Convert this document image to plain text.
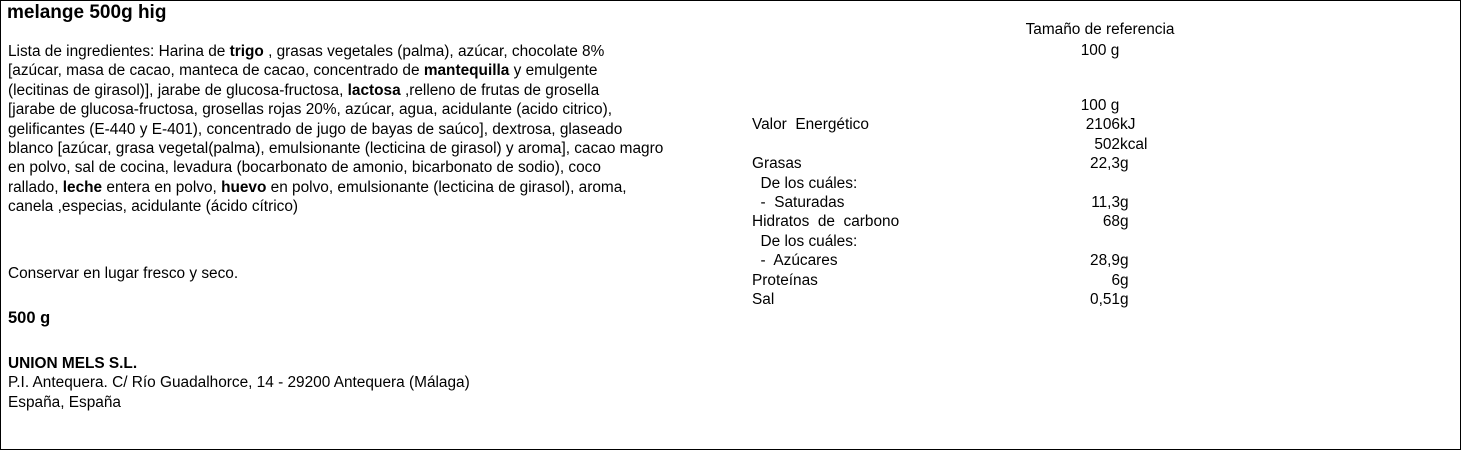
melange 500g hig

Lista de ingredientes: Harina de trigo , grasas vegetales (palma), azúcar, chocolate 8%

[azúcar, masa de cacao, manteca de cacao, concentrado de mantequilla y emulgente

(lecitinas de girasol)], jarabe de glucosa-fructosa, lactosa ,relleno de frutas de grosella

[jarabe de glucosa-fructosa, grosellas rojas 20%, azúcar, agua, acidulante (acido citrico),

gelificantes (E-440 y E-401), concentrado de jugo de bayas de saúco], dextrosa, glaseado

blanco [azúcar, grasa vegetal(palma), emulsionante (lecticina de girasol) y aroma], cacao magro

en polvo, sal de cocina, levadura (bocarbonato de amonio, bicarbonato de sodio), coco

rallado, leche entera en polvo, huevo en polvo, emulsionante (lecticina de girasol), aroma,

canela ,especias, acidulante (ácido cítrico)

Conservar en lugar fresco y seco.
500 g
UNION MELS S.L.
P.I. Antequera. C/ Río Guadalhorce, 14 - 29200 Antequera (Málaga)
España, España
Tamaño de referencia
100 g
100 g
Valor  Energético	2106 kJ
502 kcal
Grasas	22,3 g
De los cuáles:
-  Saturadas	11,3 g
Hidratos  de  carbono	68 g
De los cuáles:
-  Azúcares	28,9 g
Proteínas	6 g
Sal	0,51 g
